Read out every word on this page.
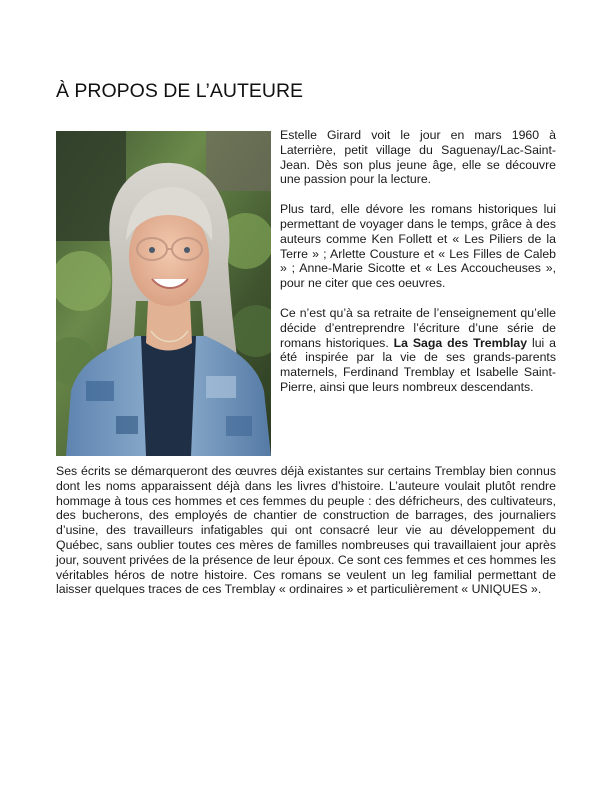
À PROPOS DE L’AUTEURE

Estelle Girard voit le jour en mars 1960 à Laterrière, petit village du Saguenay/Lac-Saint-Jean. Dès son plus jeune âge, elle se découvre une passion pour la lecture.

Plus tard, elle dévore les romans historiques lui permettant de voyager dans le temps, grâce à des auteurs comme Ken Follett et « Les Piliers de la Terre » ; Arlette Cousture et « Les Filles de Caleb » ; Anne-Marie Sicotte et « Les Accoucheuses », pour ne citer que ces oeuvres.

Ce n’est qu’à sa retraite de l’enseignement qu’elle décide d’entreprendre l’écriture d’une série de romans historiques. La Saga des Tremblay lui a été inspirée par la vie de ses grands-parents maternels, Ferdinand Tremblay et Isabelle Saint-Pierre, ainsi que leurs nombreux descendants.

Ses écrits se démarqueront des œuvres déjà existantes sur certains Tremblay bien connus dont les noms apparaissent déjà dans les livres d’histoire. L’auteure voulait plutôt rendre hommage à tous ces hommes et ces femmes du peuple : des défricheurs, des cultivateurs, des bucherons, des employés de chantier de construction de barrages, des journaliers d’usine, des travailleurs infatigables qui ont consacré leur vie au développement du Québec, sans oublier toutes ces mères de familles nombreuses qui travaillaient jour après jour, souvent privées de la présence de leur époux. Ce sont ces femmes et ces hommes les véritables héros de notre histoire. Ces romans se veulent un leg familial permettant de laisser quelques traces de ces Tremblay « ordinaires » et particulièrement « UNIQUES ».
